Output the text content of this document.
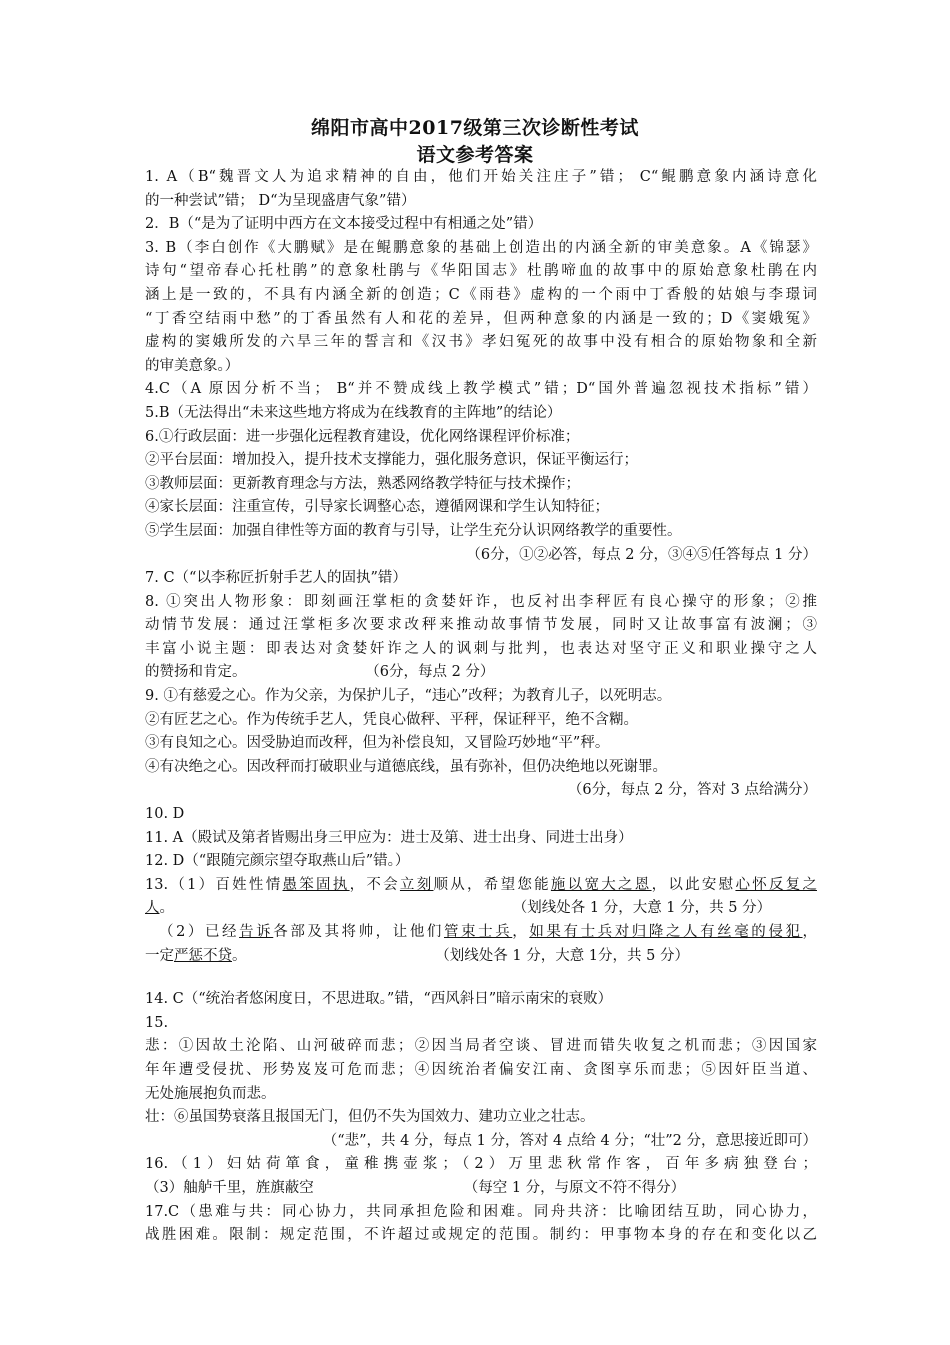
绵阳市高中2017级第三次诊断性考试
语文参考答案
1. A（B“魏晋文人为追求精神的自由，他们开始关注庄子”错； C“鲲鹏意象内涵诗意化
的一种尝试”错； D“为呈现盛唐气象”错）
2．B（“是为了证明中西方在文本接受过程中有相通之处”错）
3. B（李白创作《大鹏赋》是在鲲鹏意象的基础上创造出的内涵全新的审美意象。A《锦瑟》
诗句“望帝春心托杜鹃”的意象杜鹃与《华阳国志》杜鹃啼血的故事中的原始意象杜鹃在内
涵上是一致的，不具有内涵全新的创造；C《雨巷》虚构的一个雨中丁香般的姑娘与李璟词
“丁香空结雨中愁”的丁香虽然有人和花的差异，但两种意象的内涵是一致的；D《窦娥冤》
虚构的窦娥所发的六旱三年的誓言和《汉书》孝妇冤死的故事中没有相合的原始物象和全新
的审美意象。）
4.C（A 原因分析不当； B“并不赞成线上教学模式”错；D“国外普遍忽视技术指标”错）
5.B（无法得出“未来这些地方将成为在线教育的主阵地”的结论）
6.①行政层面：进一步强化远程教育建设，优化网络课程评价标准；
②平台层面：增加投入，提升技术支撑能力，强化服务意识，保证平衡运行；
③教师层面：更新教育理念与方法，熟悉网络教学特征与技术操作；
④家长层面：注重宣传，引导家长调整心态，遵循网课和学生认知特征；
⑤学生层面：加强自律性等方面的教育与引导，让学生充分认识网络教学的重要性。
（6分，①②必答，每点 2 分，③④⑤任答每点 1 分）
7. C（“以李称匠折射手艺人的固执”错）
8. ①突出人物形象：即刻画汪掌柜的贪婪奸诈，也反衬出李秤匠有良心操守的形象；②推
动情节发展：通过汪掌柜多次要求改秤来推动故事情节发展，同时又让故事富有波澜；③
丰富小说主题：即表达对贪婪奸诈之人的讽刺与批判，也表达对坚守正义和职业操守之人
的赞扬和肯定。	（6分，每点 2 分）
9. ①有慈爱之心。作为父亲，为保护儿子，“违心”改秤；为教育儿子，以死明志。
②有匠艺之心。作为传统手艺人，凭良心做秤、平秤，保证秤平，绝不含糊。
③有良知之心。因受胁迫而改秤，但为补偿良知，又冒险巧妙地“平”秤。
④有决绝之心。因改秤而打破职业与道德底线，虽有弥补，但仍决绝地以死谢罪。
（6分，每点 2 分，答对 3 点给满分）
10. D
11. A（殿试及第者皆赐出身三甲应为：进士及第、进士出身、同进士出身）
12. D（“跟随完颜宗望夺取燕山后”错。）
13.（1）百姓性情愚笨固执，不会立刻顺从，希望您能施以宽大之恩，以此安慰心怀反复之
人。	（划线处各 1 分，大意 1 分，共 5 分）
（2）已经告诉各部及其将帅，让他们管束士兵，如果有士兵对归降之人有丝毫的侵犯，
一定严惩不贷。	（划线处各 1 分，大意 1分，共 5 分）
14. C（“统治者悠闲度日，不思进取。”错，“西风斜日”暗示南宋的衰败）
15.
悲：①因故土沦陷、山河破碎而悲；②因当局者空谈、冒进而错失收复之机而悲；③因国家
年年遭受侵扰、形势岌岌可危而悲；④因统治者偏安江南、贪图享乐而悲；⑤因奸臣当道、
无处施展抱负而悲。
壮：⑥虽国势衰落且报国无门，但仍不失为国效力、建功立业之壮志。
（“悲”，共 4 分，每点 1 分，答对 4 点给 4 分；“壮”2 分，意思接近即可）
16.（1）妇姑荷箪食，童稚携壶浆；（2）万里悲秋常作客，百年多病独登台；
（3）舳舻千里，旌旗蔽空	（每空 1 分，与原文不符不得分）
17.C（患难与共：同心协力，共同承担危险和困难。同舟共济：比喻团结互助，同心协力，
战胜困难。限制：规定范围，不许超过或规定的范围。制约：甲事物本身的存在和变化以乙
